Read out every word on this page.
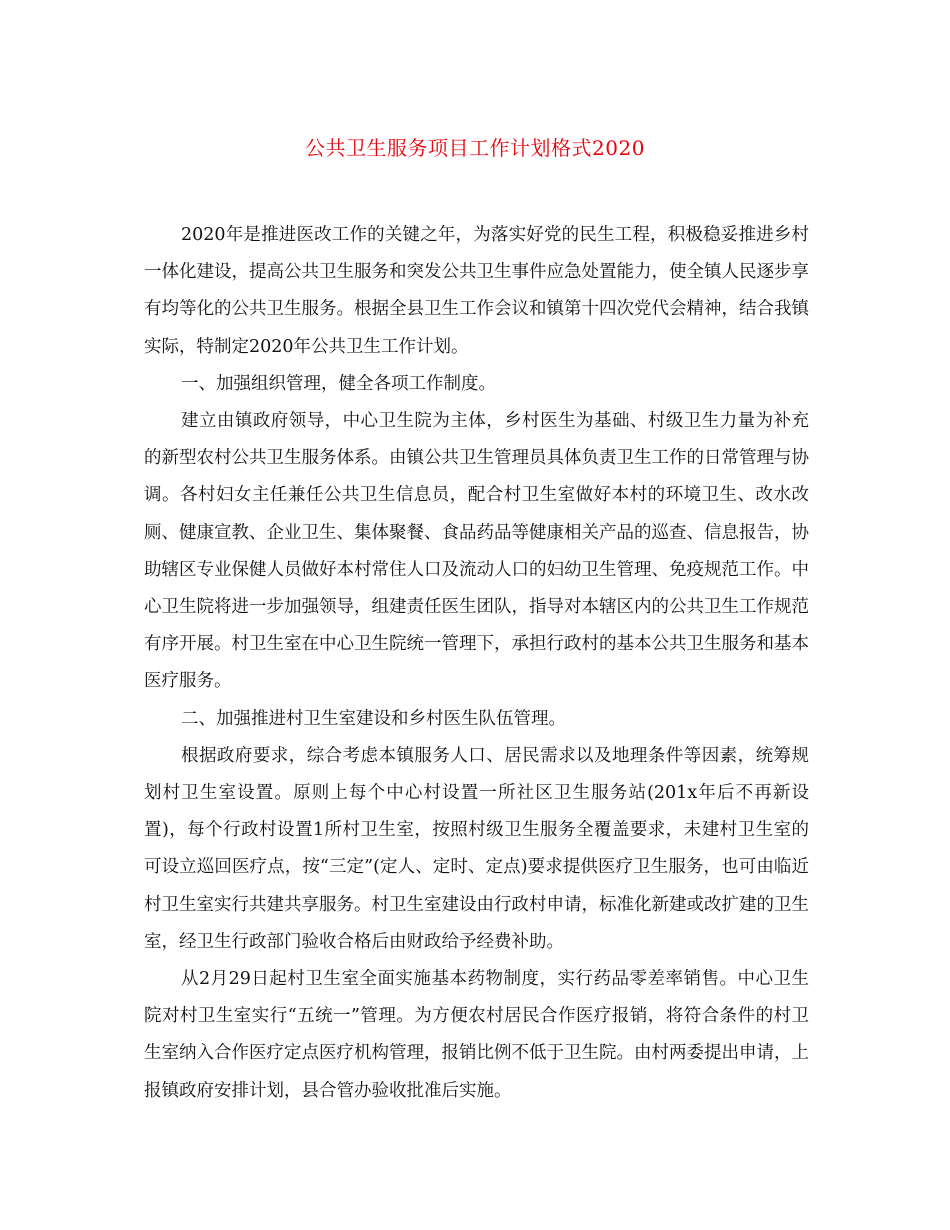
公共卫生服务项目工作计划格式2020

2020年是推进医改工作的关键之年，为落实好党的民生工程，积极稳妥推进乡村一体化建设，提高公共卫生服务和突发公共卫生事件应急处置能力，使全镇人民逐步享有均等化的公共卫生服务。根据全县卫生工作会议和镇第十四次党代会精神，结合我镇实际，特制定2020年公共卫生工作计划。

一、加强组织管理，健全各项工作制度。

建立由镇政府领导，中心卫生院为主体，乡村医生为基础、村级卫生力量为补充的新型农村公共卫生服务体系。由镇公共卫生管理员具体负责卫生工作的日常管理与协调。各村妇女主任兼任公共卫生信息员，配合村卫生室做好本村的环境卫生、改水改厕、健康宣教、企业卫生、集体聚餐、食品药品等健康相关产品的巡查、信息报告，协助辖区专业保健人员做好本村常住人口及流动人口的妇幼卫生管理、免疫规范工作。中心卫生院将进一步加强领导，组建责任医生团队，指导对本辖区内的公共卫生工作规范有序开展。村卫生室在中心卫生院统一管理下，承担行政村的基本公共卫生服务和基本医疗服务。

二、加强推进村卫生室建设和乡村医生队伍管理。

根据政府要求，综合考虑本镇服务人口、居民需求以及地理条件等因素，统筹规划村卫生室设置。原则上每个中心村设置一所社区卫生服务站(201x年后不再新设置)，每个行政村设置1所村卫生室，按照村级卫生服务全覆盖要求，未建村卫生室的可设立巡回医疗点，按“三定”(定人、定时、定点)要求提供医疗卫生服务，也可由临近村卫生室实行共建共享服务。村卫生室建设由行政村申请，标准化新建或改扩建的卫生室，经卫生行政部门验收合格后由财政给予经费补助。

从2月29日起村卫生室全面实施基本药物制度，实行药品零差率销售。中心卫生院对村卫生室实行“五统一”管理。为方便农村居民合作医疗报销，将符合条件的村卫生室纳入合作医疗定点医疗机构管理，报销比例不低于卫生院。由村两委提出申请，上报镇政府安排计划，县合管办验收批准后实施。
